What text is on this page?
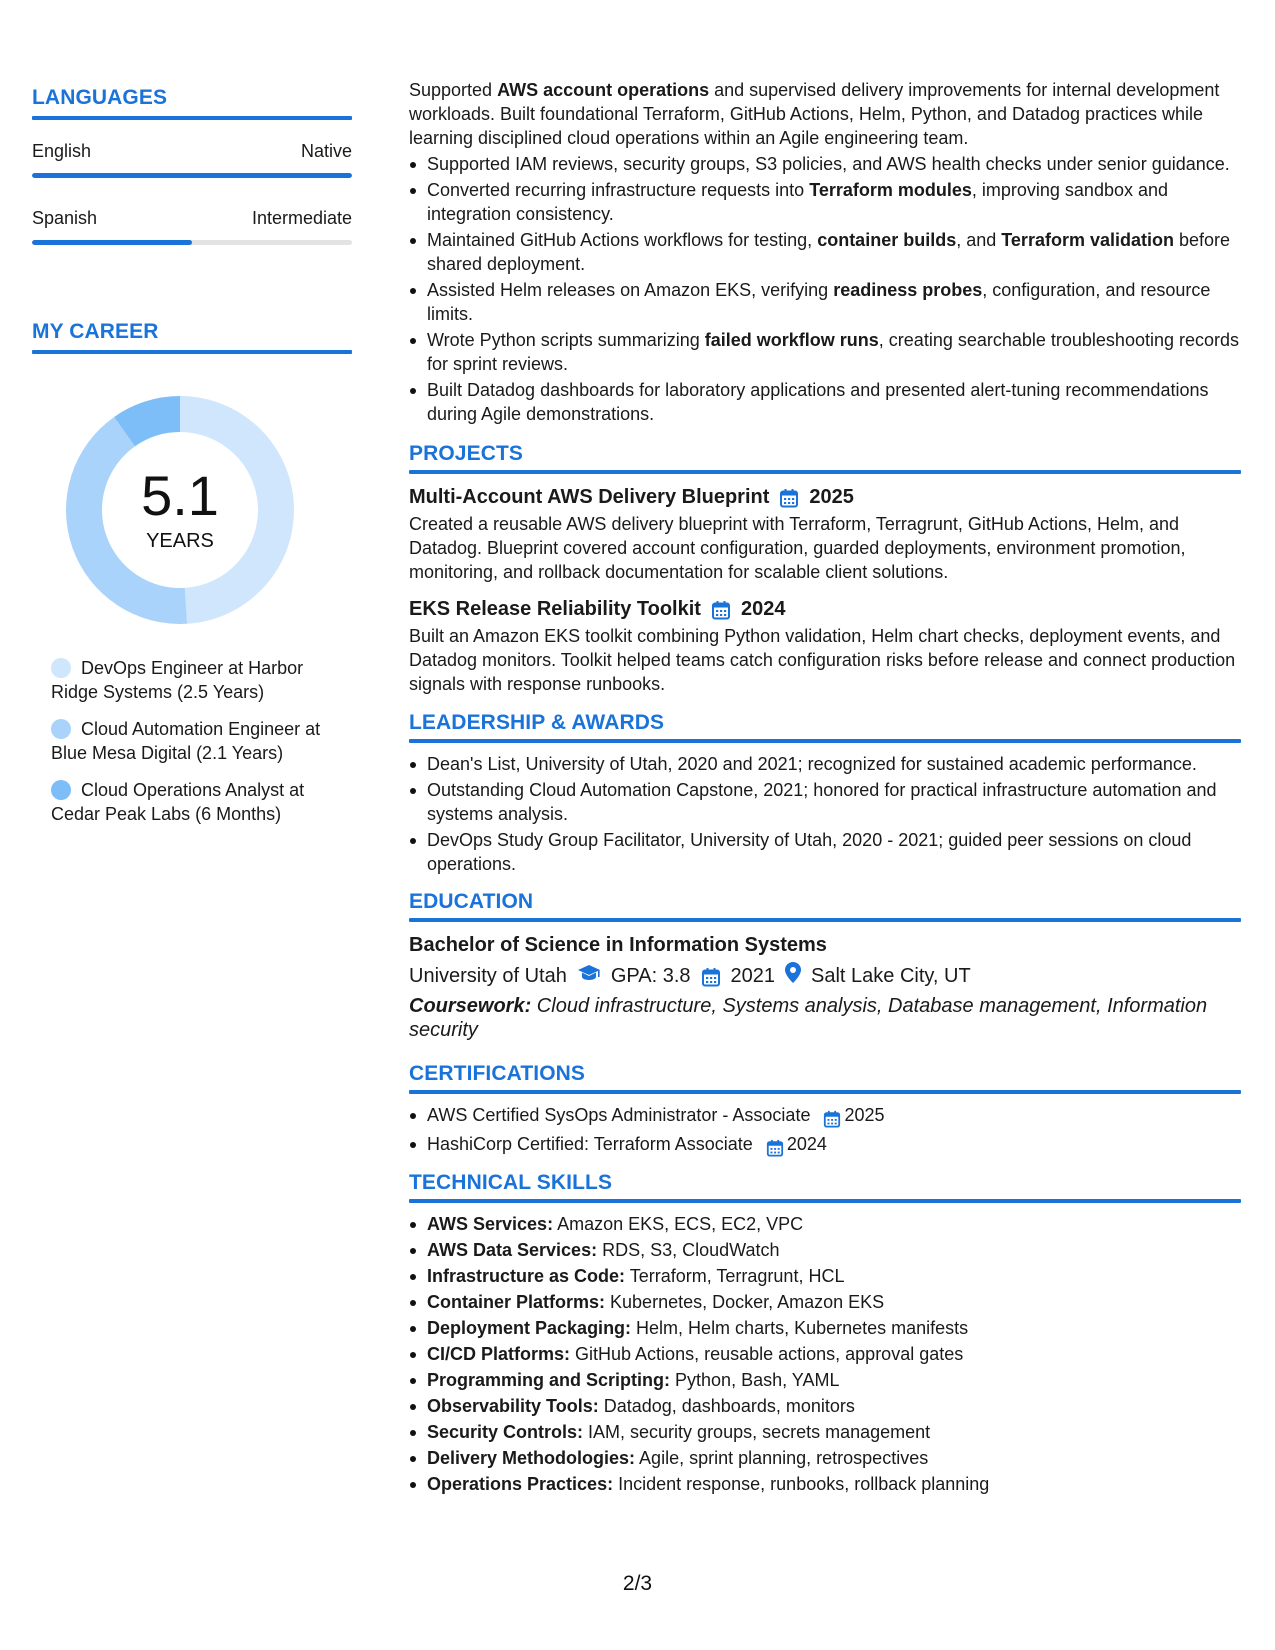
LANGUAGES
English	Native
Spanish	Intermediate
MY CAREER
5.1
YEARS
DevOps Engineer at Harbor Ridge Systems (2.5 Years)
Cloud Automation Engineer at Blue Mesa Digital (2.1 Years)
Cloud Operations Analyst at Cedar Peak Labs (6 Months)

Supported AWS account operations and supervised delivery improvements for internal development workloads. Built foundational Terraform, GitHub Actions, Helm, Python, and Datadog practices while learning disciplined cloud operations within an Agile engineering team.

Supported IAM reviews, security groups, S3 policies, and AWS health checks under senior guidance.
Converted recurring infrastructure requests into Terraform modules, improving sandbox and integration consistency.
Maintained GitHub Actions workflows for testing, container builds, and Terraform validation before shared deployment.
Assisted Helm releases on Amazon EKS, verifying readiness probes, configuration, and resource limits.
Wrote Python scripts summarizing failed workflow runs, creating searchable troubleshooting records for sprint reviews.
Built Datadog dashboards for laboratory applications and presented alert-tuning recommendations during Agile demonstrations.
PROJECTS
Multi-Account AWS Delivery Blueprint 2025

Created a reusable AWS delivery blueprint with Terraform, Terragrunt, GitHub Actions, Helm, and Datadog. Blueprint covered account configuration, guarded deployments, environment promotion, monitoring, and rollback documentation for scalable client solutions.

EKS Release Reliability Toolkit 2024

Built an Amazon EKS toolkit combining Python validation, Helm chart checks, deployment events, and Datadog monitors. Toolkit helped teams catch configuration risks before release and connect production signals with response runbooks.

LEADERSHIP & AWARDS
Dean's List, University of Utah, 2020 and 2021; recognized for sustained academic performance.
Outstanding Cloud Automation Capstone, 2021; honored for practical infrastructure automation and systems analysis.
DevOps Study Group Facilitator, University of Utah, 2020 - 2021; guided peer sessions on cloud operations.
EDUCATION
Bachelor of Science in Information Systems
University of Utah GPA: 3.8 2021 Salt Lake City, UT

Coursework: Cloud infrastructure, Systems analysis, Database management, Information security

CERTIFICATIONS
AWS Certified SysOps Administrator - Associate 2025
HashiCorp Certified: Terraform Associate 2024
TECHNICAL SKILLS
AWS Services: Amazon EKS, ECS, EC2, VPC
AWS Data Services: RDS, S3, CloudWatch
Infrastructure as Code: Terraform, Terragrunt, HCL
Container Platforms: Kubernetes, Docker, Amazon EKS
Deployment Packaging: Helm, Helm charts, Kubernetes manifests
CI/CD Platforms: GitHub Actions, reusable actions, approval gates
Programming and Scripting: Python, Bash, YAML
Observability Tools: Datadog, dashboards, monitors
Security Controls: IAM, security groups, secrets management
Delivery Methodologies: Agile, sprint planning, retrospectives
Operations Practices: Incident response, runbooks, rollback planning
2/3
